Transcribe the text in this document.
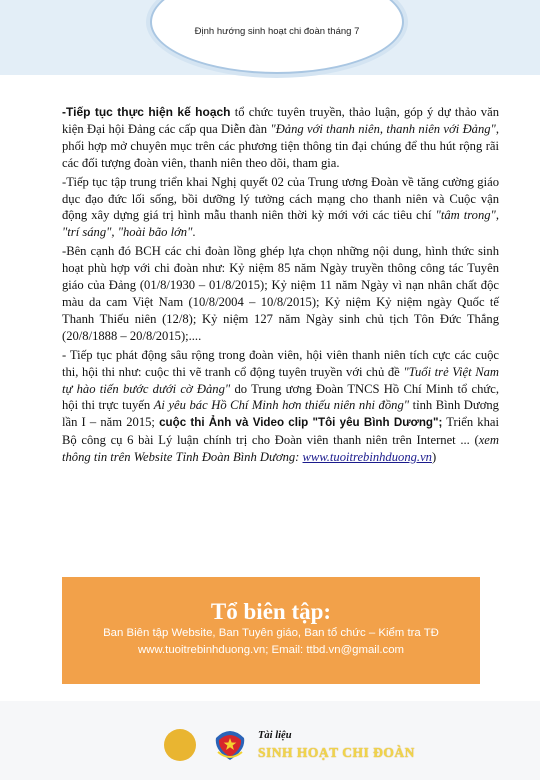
Định hướng sinh hoạt chi đoàn tháng 7

-Tiếp tục thực hiện kế hoạch tổ chức tuyên truyền, thảo luận, góp ý dự thảo văn kiện Đại hội Đảng các cấp qua Diễn đàn "Đảng với thanh niên, thanh niên với Đảng", phối hợp mở chuyên mục trên các phương tiện thông tin đại chúng để thu hút rộng rãi các đối tượng đoàn viên, thanh niên theo dõi, tham gia.

-Tiếp tục tập trung triển khai Nghị quyết 02 của Trung ương Đoàn về tăng cường giáo dục đạo đức lối sống, bồi dưỡng lý tưởng cách mạng cho thanh niên và Cuộc vận động xây dựng giá trị hình mẫu thanh niên thời kỳ mới với các tiêu chí "tâm trong", "trí sáng", "hoài bão lớn".

-Bên cạnh đó BCH các chi đoàn lồng ghép lựa chọn những nội dung, hình thức sinh hoạt phù hợp với chi đoàn như: Kỷ niệm 85 năm Ngày truyền thông công tác Tuyên giáo của Đảng (01/8/1930 – 01/8/2015); Kỷ niệm 11 năm Ngày vì nạn nhân chất độc màu da cam Việt Nam (10/8/2004 – 10/8/2015); Kỷ niệm Kỷ niệm ngày Quốc tế Thanh Thiếu niên (12/8); Kỷ niệm 127 năm Ngày sinh chủ tịch Tôn Đức Thắng (20/8/1888 – 20/8/2015);....

- Tiếp tục phát động sâu rộng trong đoàn viên, hội viên thanh niên tích cực các cuộc thi, hội thi như: cuộc thi vẽ tranh cổ động tuyên truyền với chủ đề "Tuổi trẻ Việt Nam tự hào tiến bước dưới cờ Đảng" do Trung ương Đoàn TNCS Hồ Chí Minh tổ chức, hội thi trực tuyến Ai yêu bác Hồ Chí Minh hơn thiếu niên nhi đồng" tỉnh Bình Dương lần I – năm 2015; cuộc thi Ảnh và Video clip "Tôi yêu Bình Dương"; Triển khai Bộ công cụ 6 bài Lý luận chính trị cho Đoàn viên thanh niên trên Internet ... (xem thông tin trên Website Tỉnh Đoàn Bình Dương: www.tuoitrebinhduong.vn)

Tổ biên tập:
Ban Biên tập Website, Ban Tuyên giáo, Ban tổ chức – Kiểm tra TĐ
www.tuoitrebinhduong.vn; Email: ttbd.vn@gmail.com
Tài liệu
SINH HOẠT CHI ĐOÀN
